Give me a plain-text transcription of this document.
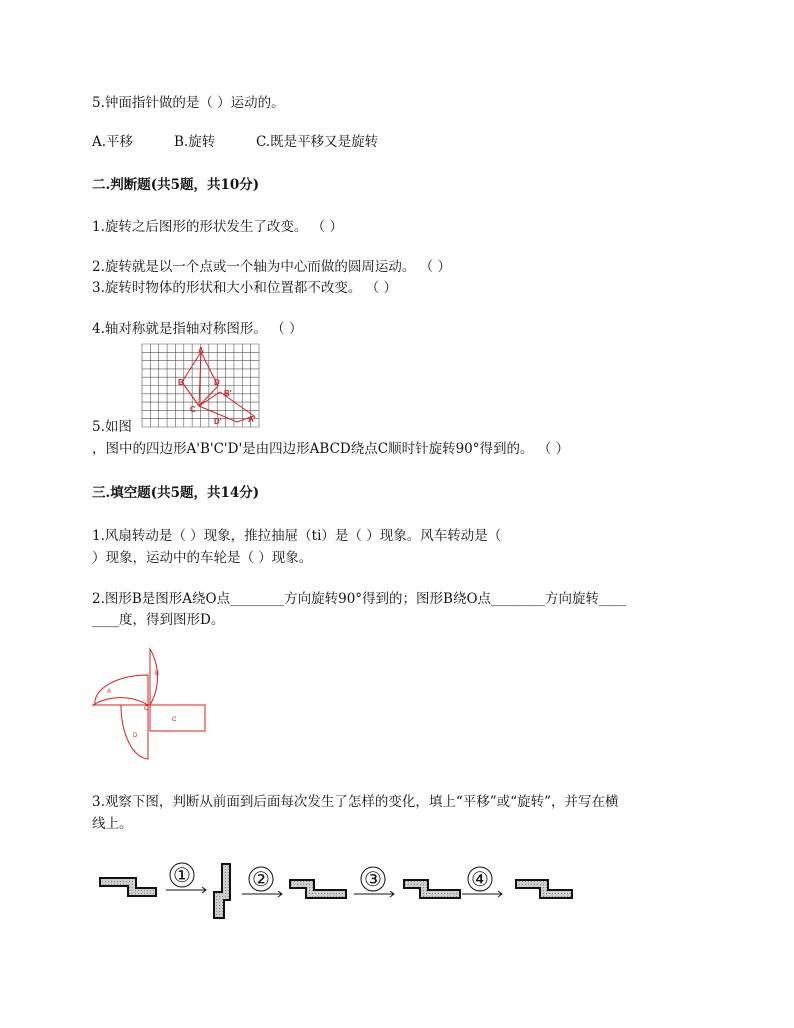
5.钟面指针做的是（ ）运动的。
A.平移	B.旋转	C.既是平移又是旋转
二.判断题(共5题，共10分)
1.旋转之后图形的形状发生了改变。 （ ）
2.旋转就是以一个点或一个轴为中心而做的圆周运动。 （ ）
3.旋转时物体的形状和大小和位置都不改变。 （ ）
4.轴对称就是指轴对称图形。 （ ）
A
B	D
B'
C
D'	A'
5.如图
，图中的四边形A'B'C'D'是由四边形ABCD绕点C顺时针旋转90°得到的。 （ ）
三.填空题(共5题，共14分)
1.风扇转动是（ ）现象，推拉抽屉（ti）是（ ）现象。风车转动是（
）现象，运动中的车轮是（ ）现象。
2.图形B是图形A绕O点________方向旋转90°得到的；图形B绕O点________方向旋转____
____度，得到图形D。
A
B
O
C
D
3.观察下图，判断从前面到后面每次发生了怎样的变化，填上“平移”或“旋转”，并写在横
线上。
①	②	③	④
